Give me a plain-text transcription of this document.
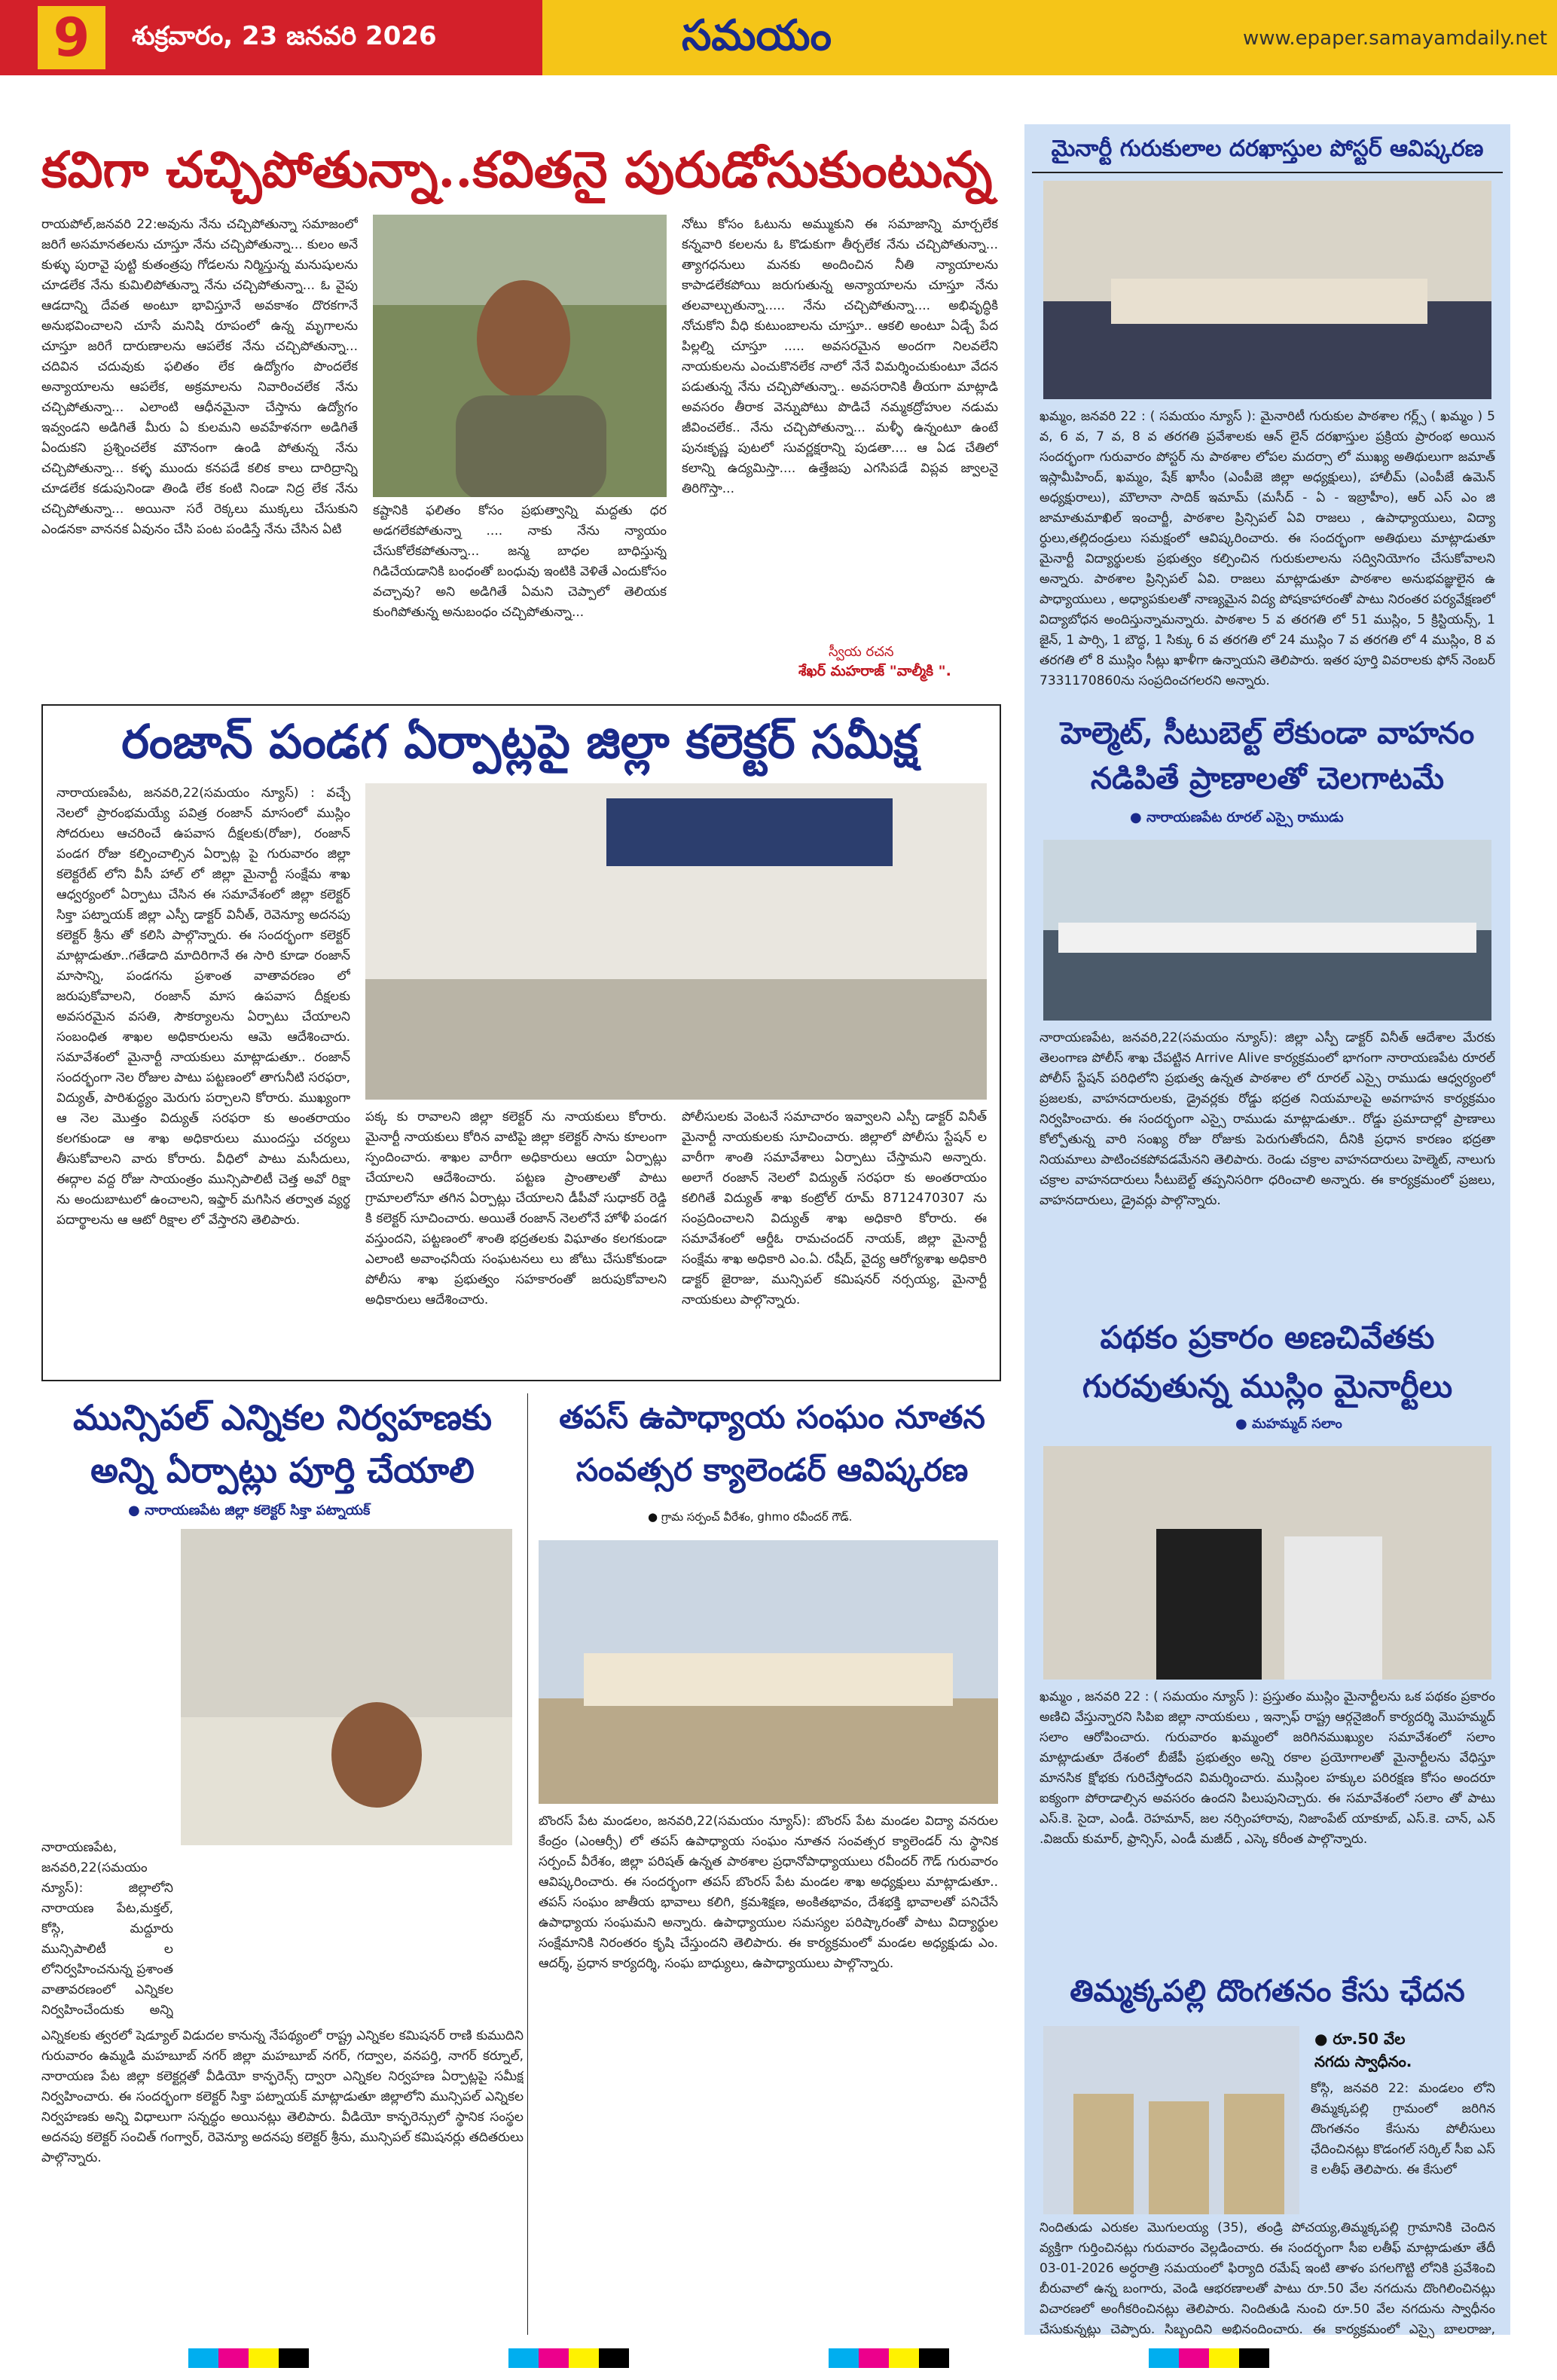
9	శుక్రవారం, 23 జనవరి 2026	సమయం	www.epaper.samayamdaily.net
కవిగా చచ్చిపోతున్నా..కవితనై పురుడోసుకుంటున్న
రాయపోల్,జనవరి 22:అవును నేను చచ్చిపోతున్నా సమాజంలో జరిగే అసమానతలను చూస్తూ నేను చచ్చిపోతున్నా... కులం అనే కుళ్ళు పురావై పుట్టి కుతంత్రపు గోడలను నిర్మిస్తున్న మనుషులను చూడలేక నేను కుమిలిపోతున్నా నేను చచ్చిపోతున్నా... ఓ వైపు ఆడదాన్ని దేవత అంటూ భావిస్తూనే అవకాశం దొరకగానే అనుభవించాలని చూసే మనిషి రూపంలో ఉన్న మృగాలను చూస్తూ జరిగే దారుణాలను ఆపలేక నేను చచ్చిపోతున్నా... చదివిన చదువుకు ఫలితం లేక ఉద్యోగం పొందలేక అన్యాయాలను ఆపలేక, అక్రమాలను నివారించలేక నేను చచ్చిపోతున్నా... ఎలాంటి ఆధీనమైనా చేస్తాను ఉద్యోగం ఇవ్వండని అడిగితే మీరు ఏ కులమని అవహేళనగా అడిగితే ఏందుకని ప్రశ్నించలేక మౌనంగా ఉండి పోతున్న నేను చచ్చిపోతున్నా... కళ్ళ ముందు కనపడే కలిక కాలు దారిద్రాన్ని చూడలేక కడుపునిండా తిండి లేక కంటి నిండా నిద్ర లేక నేను చచ్చిపోతున్నా... అయినా సరే రెక్కలు ముక్కలు చేసుకుని ఎండనకా వాననక ఏవునం చేసి పంట పండిస్తే నేను చేసిన ఏటి
కష్టానికి ఫలితం కోసం ప్రభుత్వాన్ని మద్దతు ధర అడగలేకపోతున్నా .... నాకు నేను న్యాయం చేసుకోలేకపోతున్నా... జన్మ బాధల బాధిస్తున్న గిడిచేయడానికి బంధంతో బంధువు ఇంటికి వెళితే ఎందుకోసం వచ్చావు? అని అడిగితే ఏమని చెప్పాలో తెలియక కుంగిపోతున్న అనుబంధం చచ్చిపోతున్నా...
నోటు కోసం ఓటును అమ్ముకుని ఈ సమాజాన్ని మార్చలేక కన్నవారి కలలను ఓ కొడుకుగా తీర్చలేక నేను చచ్చిపోతున్నా... త్యాగధనులు మనకు అందించిన నీతి న్యాయాలను కాపాడలేకపోయి జరుగుతున్న అన్యాయాలను చూస్తూ నేను తలవాల్చుతున్నా..... నేను చచ్చిపోతున్నా.... అభివృద్ధికి నోచుకోని వీధి కుటుంబాలను చూస్తూ.. ఆకలి అంటూ ఏడ్చే పేద పిల్లల్ని చూస్తూ ..... అవసరమైన అందగా నిలవలేని నాయకులను ఎంచుకొనలేక నాలో నేనే విమర్శించుకుంటూ వేదన పడుతున్న నేను చచ్చిపోతున్నా.. అవసరానికి తీయగా మాట్లాడి అవసరం తీరాక వెన్నుపోటు పొడిచే నమ్మకద్రోహుల నడుమ జీవించలేక.. నేను చచ్చిపోతున్నా... మళ్ళీ ఉన్నంటూ ఉంటే పునఃకృష్ణ పుటలో సువర్ణక్షరాన్ని పుడతా.... ఆ ఏడ చేతిలో కలాన్ని ఉద్యమిస్తా.... ఉత్తేజపు ఎగసిపడే విప్లవ జ్వాలనై తిరిగొస్తా...
స్వీయ రచన
శేఖర్ మహరాజ్ "వాల్మీకి ".
మైనార్టీ గురుకులాల దరఖాస్తుల పోస్టర్ ఆవిష్కరణ
ఖమ్మం, జనవరి 22 : ( సమయం న్యూస్ ): మైనారిటీ గురుకుల పాఠశాల గర్ల్స్ ( ఖమ్మం ) 5 వ, 6 వ, 7 వ, 8 వ తరగతి ప్రవేశాలకు ఆన్ లైన్ దరఖాస్తుల ప్రక్రియ ప్రారంభ అయిన సందర్భంగా గురువారం పోస్టర్ ను పాఠశాల లోపల మదర్సా లో ముఖ్య అతిథులుగా జమాత్ ఇస్లామీహింద్, ఖమ్మం, షేక్ ఖాసీం (ఎంపీజె జిల్లా అధ్యక్షులు), హాలీమ్ (ఎంపీజే ఉమెన్ అధ్యక్షురాలు), మౌలానా సాదిక్ ఇమామ్ (మసీద్ - ఏ - ఇబ్రాహీం), ఆర్ ఎస్ ఎం జి జామాతుమాఖిల్ ఇంచార్జీ, పాఠశాల ప్రిన్సిపల్ ఏవి రాజలు , ఉపాధ్యాయులు, విద్యా ర్ధులు,తల్లిదండ్రులు సమక్షంలో ఆవిష్కరించారు. ఈ సందర్భంగా అతిథులు మాట్లాడుతూ మైనార్టీ విద్యార్థులకు ప్రభుత్వం కల్పించిన గురుకులాలను సద్వినియోగం చేసుకోవాలని అన్నారు. పాఠశాల ప్రిన్సిపల్ ఏవి. రాజలు మాట్లాడుతూ పాఠశాల అనుభవజ్ఞులైన ఉ పాధ్యాయులు , అధ్యాపకులతో నాణ్యమైన విద్య పోషకాహారంతో పాటు నిరంతర పర్యవేక్షణలో విద్యాబోధన అందిస్తున్నామన్నారు. పాఠశాల 5 వ తరగతి లో 51 ముస్లిం, 5 క్రిస్టియన్స్, 1 జైన్, 1 పార్సి, 1 బౌద్ధ, 1 సిక్కు 6 వ తరగతి లో 24 ముస్లిం 7 వ తరగతి లో 4 ముస్లిం, 8 వ తరగతి లో 8 ముస్లిం సీట్లు ఖాళీగా ఉన్నాయని తెలిపారు. ఇతర పూర్తి వివరాలకు ఫోన్ నెంబర్ 7331170860ను సంప్రదించగలరని అన్నారు.
రంజాన్ పండగ ఏర్పాట్లపై జిల్లా కలెక్టర్ సమీక్ష
నారాయణపేట, జనవరి,22(సమయం న్యూస్) : వచ్చే నెలలో ప్రారంభమయ్యే పవిత్ర రంజాన్ మాసంలో ముస్లిం సోదరులు ఆచరించే ఉపవాస దీక్షలకు(రోజా), రంజాన్ పండగ రోజు కల్పించాల్సిన ఏర్పాట్ల పై గురువారం జిల్లా కలెక్టరేట్ లోని వీసీ హాల్ లో జిల్లా మైనార్టీ సంక్షేమ శాఖ ఆధ్వర్యంలో ఏర్పాటు చేసిన ఈ సమావేశంలో జిల్లా కలెక్టర్ సిక్తా పట్నాయక్ జిల్లా ఎస్పీ డాక్టర్ వినీత్, రెవెన్యూ అదనపు కలెక్టర్ శ్రీను తో కలిసి పాల్గొన్నారు. ఈ సందర్భంగా కలెక్టర్ మాట్లాడుతూ..గతేడాది మాదిరిగానే ఈ సారి కూడా రంజాన్ మాసాన్ని, పండగను ప్రశాంత వాతావరణం లో జరుపుకోవాలని, రంజాన్ మాస ఉపవాస దీక్షలకు అవసరమైన వసతి, సౌకర్యాలను ఏర్పాటు చేయాలని సంబంధిత శాఖల అధికారులను ఆమె ఆదేశించారు. సమావేశంలో మైనార్టీ నాయకులు మాట్లాడుతూ.. రంజాన్ సందర్భంగా నెల రోజుల పాటు పట్టణంలో తాగునీటి సరఫరా, విద్యుత్, పారిశుద్ధ్యం మెరుగు పర్చాలని కోరారు. ముఖ్యంగా ఆ నెల మొత్తం విద్యుత్ సరఫరా కు అంతరాయం కలగకుండా ఆ శాఖ అధికారులు ముందస్తు చర్యలు తీసుకోవాలని వారు కోరారు. వీధిలో పాటు మసీదులు, ఈద్గాల వద్ద రోజు సాయంత్రం మున్సిపాలిటీ చెత్త అవో రిక్షా ను అందుబాటులో ఉంచాలని, ఇఫ్తార్ మగిసిన తర్వాత వ్యర్థ పదార్థాలను ఆ ఆటో రిక్షాల లో వేస్తారని తెలిపారు.
పక్క కు రావాలని జిల్లా కలెక్టర్ ను నాయకులు కోరారు. మైనార్టీ నాయకులు కోరిన వాటిపై జిల్లా కలెక్టర్ సాను కూలంగా స్పందించారు. శాఖల వారీగా అధికారులు ఆయా ఏర్పాట్లు చేయాలని ఆదేశించారు. పట్టణ ప్రాంతాలతో పాటు గ్రామాలలోనూ తగిన ఏర్పాట్లు చేయాలని డీపీవో సుధాకర్ రెడ్డి కి కలెక్టర్ సూచించారు. అయితే రంజాన్ నెలలోనే హోళీ పండగ వస్తుందని, పట్టణంలో శాంతి భద్రతలకు విఘాతం కలగకుండా ఎలాంటి అవాంఛనీయ సంఘటనలు లు జోటు చేసుకోకుండా పోలీసు శాఖ ప్రభుత్వం సహకారంతో జరుపుకోవాలని అధికారులు ఆదేశించారు.
పోలీసులకు వెంటనే సమాచారం ఇవ్వాలని ఎస్పీ డాక్టర్ వినీత్ మైనార్టీ నాయకులకు సూచించారు. జిల్లాలో పోలీసు స్టేషన్ ల వారీగా శాంతి సమావేశాలు ఏర్పాటు చేస్తామని అన్నారు. అలాగే రంజాన్ నెలలో విద్యుత్ సరఫరా కు అంతరాయం కలిగితే విద్యుత్ శాఖ కంట్రోల్ రూమ్ 8712470307 ను సంప్రదించాలని విద్యుత్ శాఖ అధికారి కోరారు. ఈ సమావేశంలో ఆర్డీఓ రామచందర్ నాయక్, జిల్లా మైనార్టీ సంక్షేమ శాఖ అధికారి ఎం.ఏ. రషీద్, వైద్య ఆరోగ్యశాఖ అధికారి డాక్టర్ జైరాజు, మున్సిపల్ కమిషనర్ నర్సయ్య, మైనార్టీ నాయకులు పాల్గొన్నారు.
హెల్మెట్, సీటుబెల్ట్ లేకుండా వాహనం
నడిపితే ప్రాణాలతో చెలగాటమే
● నారాయణపేట రూరల్ ఎస్సై రాముడు
నారాయణపేట, జనవరి,22(సమయం న్యూస్): జిల్లా ఎస్పీ డాక్టర్ వినీత్ ఆదేశాల మేరకు తెలంగాణ పోలీస్ శాఖ చేపట్టిన Arrive Alive కార్యక్రమంలో భాగంగా నారాయణపేట రూరల్ పోలీస్ స్టేషన్ పరిధిలోని ప్రభుత్వ ఉన్నత పాఠశాల లో రూరల్ ఎస్సై రాముడు ఆధ్వర్యంలో ప్రజలకు, వాహనదారులకు, డ్రైవర్లకు రోడ్డు భద్రత నియమాలపై అవగాహన కార్యక్రమం నిర్వహించారు. ఈ సందర్భంగా ఎస్సై రాముడు మాట్లాడుతూ.. రోడ్డు ప్రమాదాల్లో ప్రాణాలు కోల్పోతున్న వారి సంఖ్య రోజు రోజుకు పెరుగుతోందని, దీనికి ప్రధాన కారణం భద్రతా నియమాలు పాటించకపోవడమేనని తెలిపారు. రెండు చక్రాల వాహనదారులు హెల్మెట్, నాలుగు చక్రాల వాహనదారులు సీటుబెల్ట్ తప్పనిసరిగా ధరించాలి అన్నారు. ఈ కార్యక్రమంలో ప్రజలు, వాహనదారులు, డ్రైవర్లు పాల్గొన్నారు.
పథకం ప్రకారం అణచివేతకు
గురవుతున్న ముస్లిం మైనార్టీలు
● మహమ్మద్ సలాం
ఖమ్మం , జనవరి 22 : ( సమయం న్యూస్ ): ప్రస్తుతం ముస్లిం మైనార్టీలను ఒక పథకం ప్రకారం అణిచి వేస్తున్నారని సిపిఐ జిల్లా నాయకులు , ఇన్సాఫ్ రాష్ట్ర ఆర్గనైజింగ్ కార్యదర్శి మొహమ్మద్ సలాం ఆరోపించారు. గురువారం ఖమ్మంలో జరిగినముఖ్యుల సమావేశంలో సలాం మాట్లాడుతూ దేశంలో బీజేపీ ప్రభుత్వం అన్ని రకాల ప్రయోగాలతో మైనార్టీలను వేధిస్తూ మానసిక క్షోభకు గురిచేస్తోందని విమర్శించారు. ముస్లింల హక్కుల పరిరక్షణ కోసం అందరూ ఐక్యంగా పోరాడాల్సిన అవసరం ఉందని పిలుపునిచ్చారు. ఈ సమావేశంలో సలాం తో పాటు ఎస్.కె. సైదా, ఎండీ. రెహమాన్, జల నర్సింహారావు, నిజాంపేట్ యాకూబ్, ఎస్.కె. చాన్, ఎన్ .విజయ్ కుమార్, ఫ్రాన్సిస్, ఎండీ మజీద్ , ఎస్కె కరీంత పాల్గొన్నారు.
తిమ్మక్కపల్లి దొంగతనం కేసు ఛేదన
● రూ.50 వేల
నగదు స్వాధీనం.
కోస్గి, జనవరి 22: మండలం లోని తిమ్మక్కపల్లి గ్రామంలో జరిగిన దొంగతనం కేసును పోలీసులు ఛేదించినట్లు కొడంగల్ సర్కిల్ సీఐ ఎస్ కె లతీఫ్ తెలిపారు. ఈ కేసులో
నిందితుడు ఎరుకల మొగులయ్య (35), తండ్రి పోచయ్య,తిమ్మక్కపల్లి గ్రామానికి చెందిన వ్యక్తిగా గుర్తించినట్లు గురువారం వెల్లడించారు. ఈ సందర్భంగా సీఐ లతీఫ్ మాట్లాడుతూ తేదీ 03-01-2026 అర్ధరాత్రి సమయంలో ఫిర్యాది రమేష్ ఇంటి తాళం పగలగొట్టి లోనికి ప్రవేశించి బీరువాలో ఉన్న బంగారు, వెండి ఆభరణాలతో పాటు రూ.50 వేల నగదును దొంగిలించినట్లు విచారణలో అంగీకరించినట్లు తెలిపారు. నిందితుడి నుంచి రూ.50 వేల నగదును స్వాధీనం చేసుకున్నట్లు చెప్పారు. సిబ్బందిని అభినందించారు. ఈ కార్యక్రమంలో ఎస్సై బాలరాజు,
మున్సిపల్ ఎన్నికల నిర్వహణకు
అన్ని ఏర్పాట్లు పూర్తి చేయాలి
● నారాయణపేట జిల్లా కలెక్టర్ సిక్తా పట్నాయక్
నారాయణపేట, జనవరి,22(సమయం న్యూస్): జిల్లాలోని నారాయణ పేట,మక్తల్, కోస్గి, మద్దూరు మున్సిపాలిటీ ల లోనిర్వహించనున్న ప్రశాంత వాతావరణంలో ఎన్నికల నిర్వహించేందుకు అన్ని
ఎన్నికలకు త్వరలో షెడ్యూల్ విడుదల కానున్న నేపథ్యంలో రాష్ట్ర ఎన్నికల కమిషనర్ రాణి కుముదిని గురువారం ఉమ్మడి మహబూబ్ నగర్ జిల్లా మహబూబ్ నగర్, గద్వాల, వనపర్తి, నాగర్ కర్నూల్, నారాయణ పేట జిల్లా కలెక్టర్లతో వీడియో కాన్ఫరెన్స్ ద్వారా ఎన్నికల నిర్వహణ ఏర్పాట్లపై సమీక్ష నిర్వహించారు. ఈ సందర్భంగా కలెక్టర్ సిక్తా పట్నాయక్ మాట్లాడుతూ జిల్లాలోని మున్సిపల్ ఎన్నికల నిర్వహణకు అన్ని విధాలుగా సన్నద్ధం అయినట్లు తెలిపారు. వీడియో కాన్ఫరెన్సులో స్థానిక సంస్థల అదనపు కలెక్టర్ సంచిత్ గంగ్వార్, రెవెన్యూ అదనపు కలెక్టర్ శ్రీను, మున్సిపల్ కమిషనర్లు తదితరులు పాల్గొన్నారు.
తపస్ ఉపాధ్యాయ సంఘం నూతన
సంవత్సర క్యాలెండర్ ఆవిష్కరణ
● గ్రామ సర్పంచ్ వీరేశం, ghmo రవీందర్ గౌడ్.
బొంరస్ పేట మండలం, జనవరి,22(సమయం న్యూస్): బొంరస్ పేట మండల విద్యా వనరుల కేంద్రం (ఎంఆర్సీ) లో తపస్ ఉపాధ్యాయ సంఘం నూతన సంవత్సర క్యాలెండర్ ను స్థానిక సర్పంచ్ వీరేశం, జిల్లా పరిషత్ ఉన్నత పాఠశాల ప్రధానోపాధ్యాయులు రవీందర్ గౌడ్ గురువారం ఆవిష్కరించారు. ఈ సందర్భంగా తపస్ బొంరస్ పేట మండల శాఖ అధ్యక్షులు మాట్లాడుతూ.. తపస్ సంఘం జాతీయ భావాలు కలిగి, క్రమశిక్షణ, అంకితభావం, దేశభక్తి భావాలతో పనిచేసే ఉపాధ్యాయ సంఘమని అన్నారు. ఉపాధ్యాయుల సమస్యల పరిష్కారంతో పాటు విద్యార్థుల సంక్షేమానికి నిరంతరం కృషి చేస్తుందని తెలిపారు. ఈ కార్యక్రమంలో మండల అధ్యక్షుడు ఎం. ఆదర్శ్, ప్రధాన కార్యదర్శి, సంఘ బాధ్యులు, ఉపాధ్యాయులు పాల్గొన్నారు.
